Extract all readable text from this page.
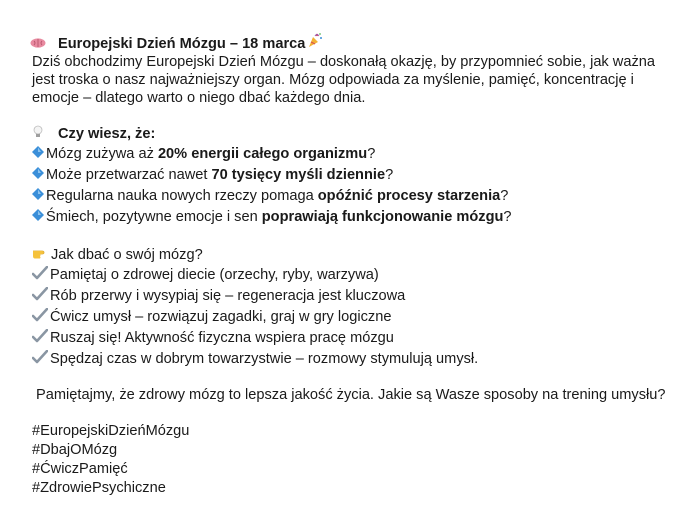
Europejski Dzień Mózgu – 18 marca
Dziś obchodzimy Europejski Dzień Mózgu – doskonałą okazję, by przypomnieć sobie, jak ważna
jest troska o nasz najważniejszy organ. Mózg odpowiada za myślenie, pamięć, koncentrację i
emocje – dlatego warto o niego dbać każdego dnia.
Czy wiesz, że:
Mózg zużywa aż 20% energii całego organizmu?
Może przetwarzać nawet 70 tysięcy myśli dziennie?
Regularna nauka nowych rzeczy pomaga opóźnić procesy starzenia?
Śmiech, pozytywne emocje i sen poprawiają funkcjonowanie mózgu?
Jak dbać o swój mózg?
Pamiętaj o zdrowej diecie (orzechy, ryby, warzywa)
Rób przerwy i wysypiaj się – regeneracja jest kluczowa
Ćwicz umysł – rozwiązuj zagadki, graj w gry logiczne
Ruszaj się! Aktywność fizyczna wspiera pracę mózgu
Spędzaj czas w dobrym towarzystwie – rozmowy stymulują umysł.
Pamiętajmy, że zdrowy mózg to lepsza jakość życia. Jakie są Wasze sposoby na trening umysłu?
#EuropejskiDzieńMózgu
#DbajOMózg
#ĆwiczPamięć
#ZdrowiePsychiczne
